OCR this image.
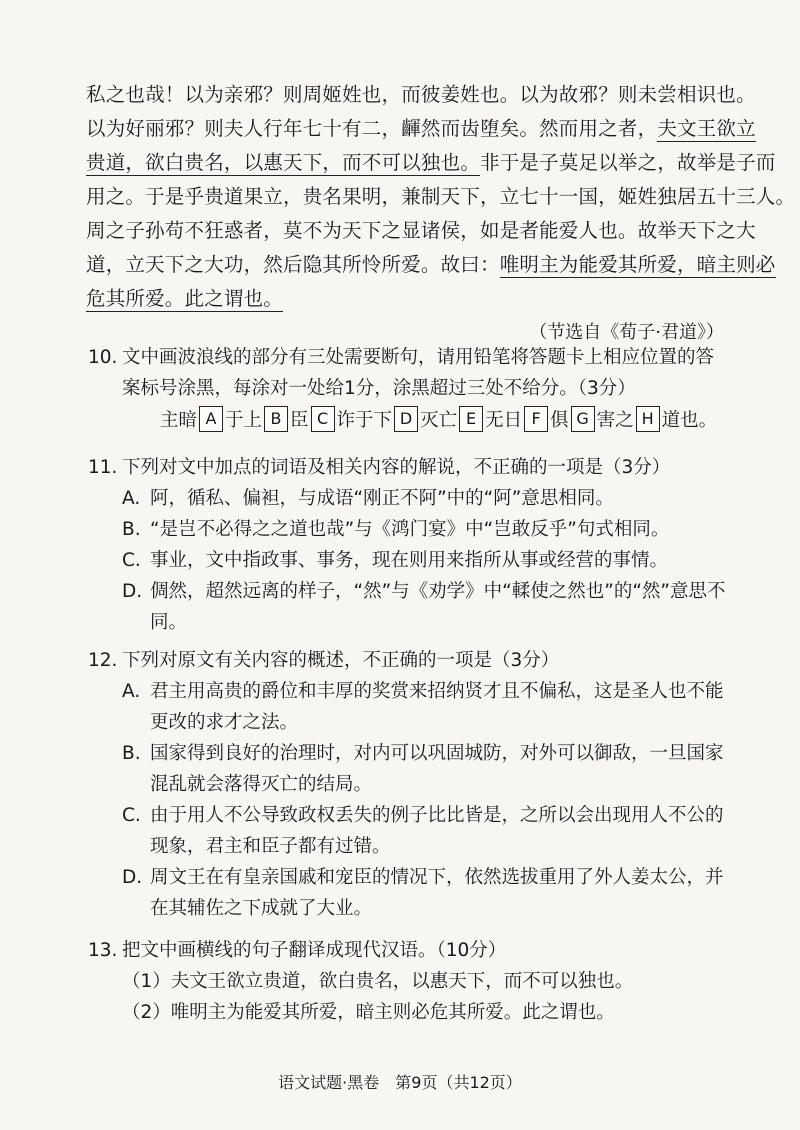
私之也哉！以为亲邪？则周姬姓也，而彼姜姓也。以为故邪？则未尝相识也。
以为好丽邪？则夫人行年七十有二，齳然而齿堕矣。然而用之者，夫文王欲立
贵道，欲白贵名，以惠天下，而不可以独也。非于是子莫足以举之，故举是子而
用之。于是乎贵道果立，贵名果明，兼制天下，立七十一国，姬姓独居五十三人。
周之子孙苟不狂惑者，莫不为天下之显诸侯，如是者能爱人也。故举天下之大
道，立天下之大功，然后隐其所怜所爱。故曰：唯明主为能爱其所爱，暗主则必
危其所爱。此之谓也。
（节选自《荀子·君道》）
10. 文中画波浪线的部分有三处需要断句，请用铅笔将答题卡上相应位置的答
案标号涂黑，每涂对一处给1分，涂黑超过三处不给分。（3分）
主暗 A 于上 B 臣 C 诈于下 D 灭亡 E 无日 F 俱 G 害之 H 道也。
11. 下列对文中加点的词语及相关内容的解说，不正确的一项是（3分）
A. 阿，循私、偏袒，与成语“刚正不阿”中的“阿”意思相同。
B. “是岂不必得之之道也哉”与《鸿门宴》中“岂敢反乎”句式相同。
C. 事业，文中指政事、事务，现在则用来指所从事或经营的事情。
D. 倜然，超然远离的样子，“然”与《劝学》中“輮使之然也”的“然”意思不同。
12. 下列对原文有关内容的概述，不正确的一项是（3分）
A. 君主用高贵的爵位和丰厚的奖赏来招纳贤才且不偏私，这是圣人也不能更改的求才之法。
B. 国家得到良好的治理时，对内可以巩固城防，对外可以御敌，一旦国家混乱就会落得灭亡的结局。
C. 由于用人不公导致政权丢失的例子比比皆是，之所以会出现用人不公的现象，君主和臣子都有过错。
D. 周文王在有皇亲国戚和宠臣的情况下，依然选拔重用了外人姜太公，并在其辅佐之下成就了大业。
13. 把文中画横线的句子翻译成现代汉语。（10分）
（1）夫文王欲立贵道，欲白贵名，以惠天下，而不可以独也。
（2）唯明主为能爱其所爱，暗主则必危其所爱。此之谓也。
语文试题·黑卷　第9页（共12页）
